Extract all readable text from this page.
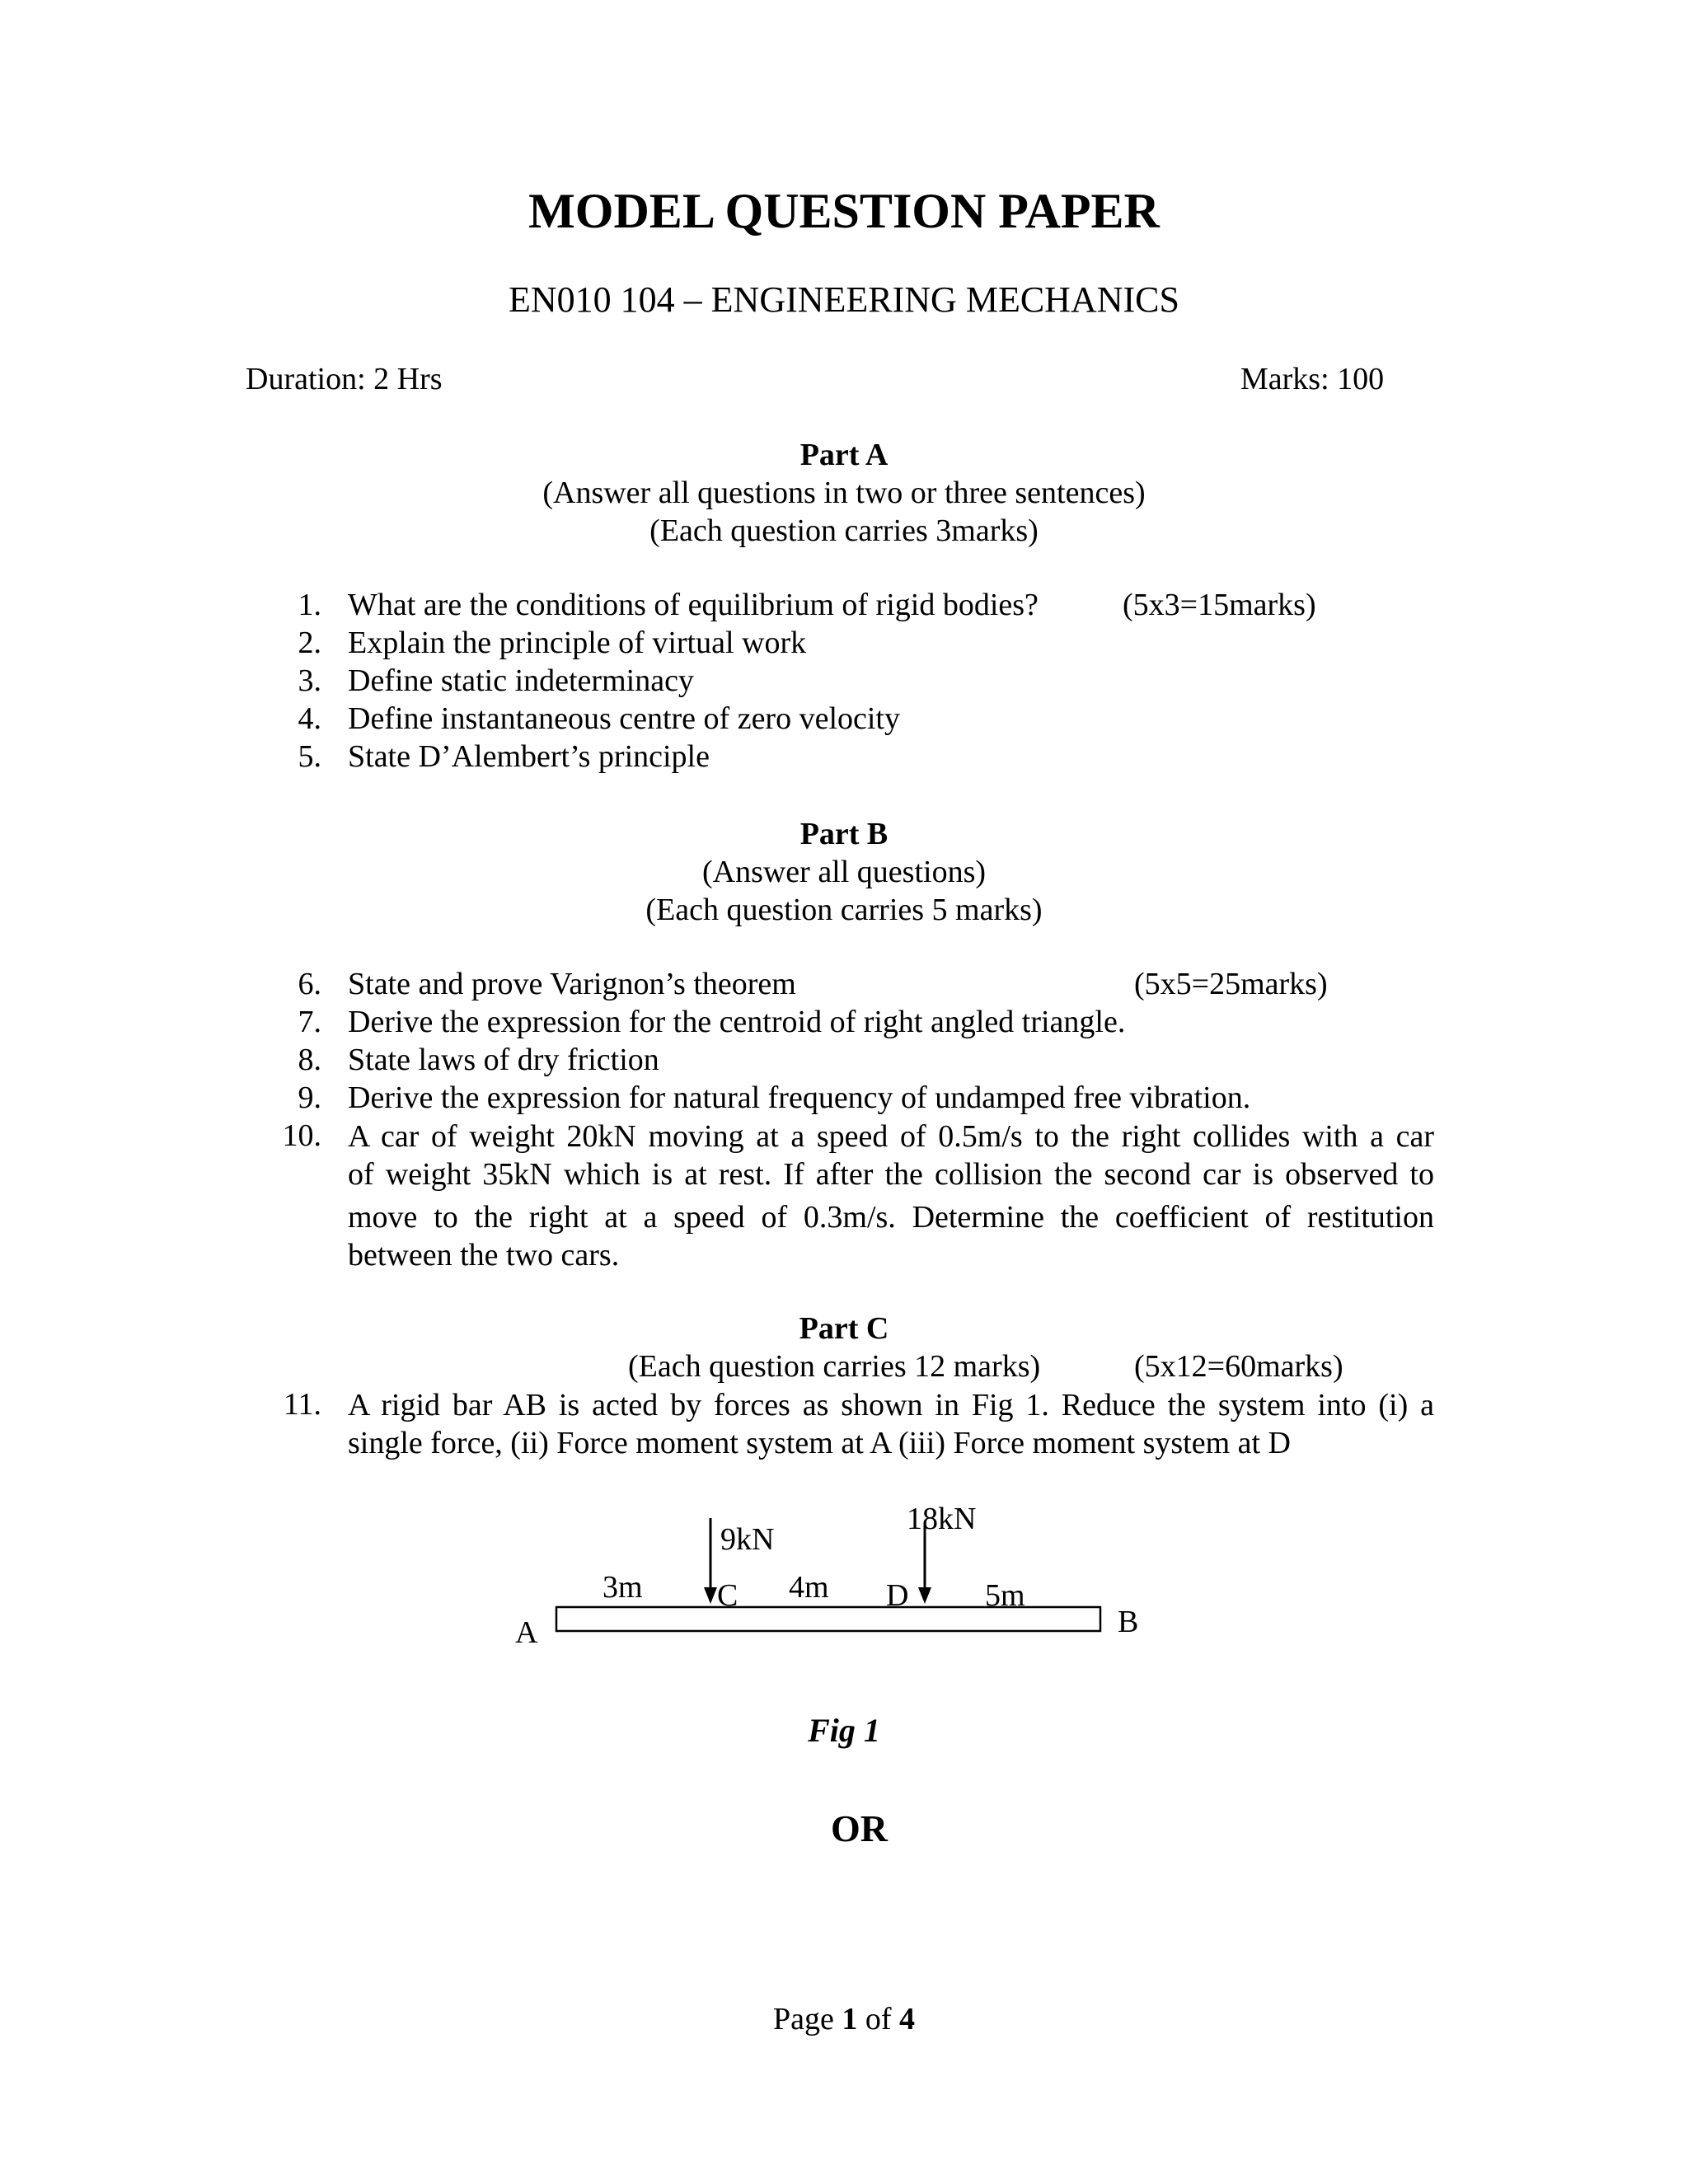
MODEL QUESTION PAPER
EN010 104 – ENGINEERING MECHANICS
Duration: 2 Hrs	Marks: 100
Part A
(Answer all questions in two or three sentences)
(Each question carries 3marks)
1. What are the conditions of equilibrium of rigid bodies?	(5x3=15marks)
2. Explain the principle of virtual work
3. Define static indeterminacy
4. Define instantaneous centre of zero velocity
5. State D’Alembert’s principle
Part B
(Answer all questions)
(Each question carries 5 marks)
6. State and prove Varignon’s theorem	(5x5=25marks)
7. Derive the expression for the centroid of right angled triangle.
8. State laws of dry friction
9. Derive the expression for natural frequency of undamped free vibration.
10. A car of weight 20kN moving at a speed of 0.5m/s to the right collides with a car
of weight 35kN which is at rest. If after the collision the second car is observed to
move to the right at a speed of 0.3m/s. Determine the coefficient of restitution
between the two cars.
Part C
(Each question carries 12 marks)	(5x12=60marks)
11. A rigid bar AB is acted by forces as shown in Fig 1. Reduce the system into (i) a
single force, (ii) Force moment system at A (iii) Force moment system at D
9kN
18kN
3m C 4m D 5m
A	B
Fig 1
OR
Page 1 of 4
